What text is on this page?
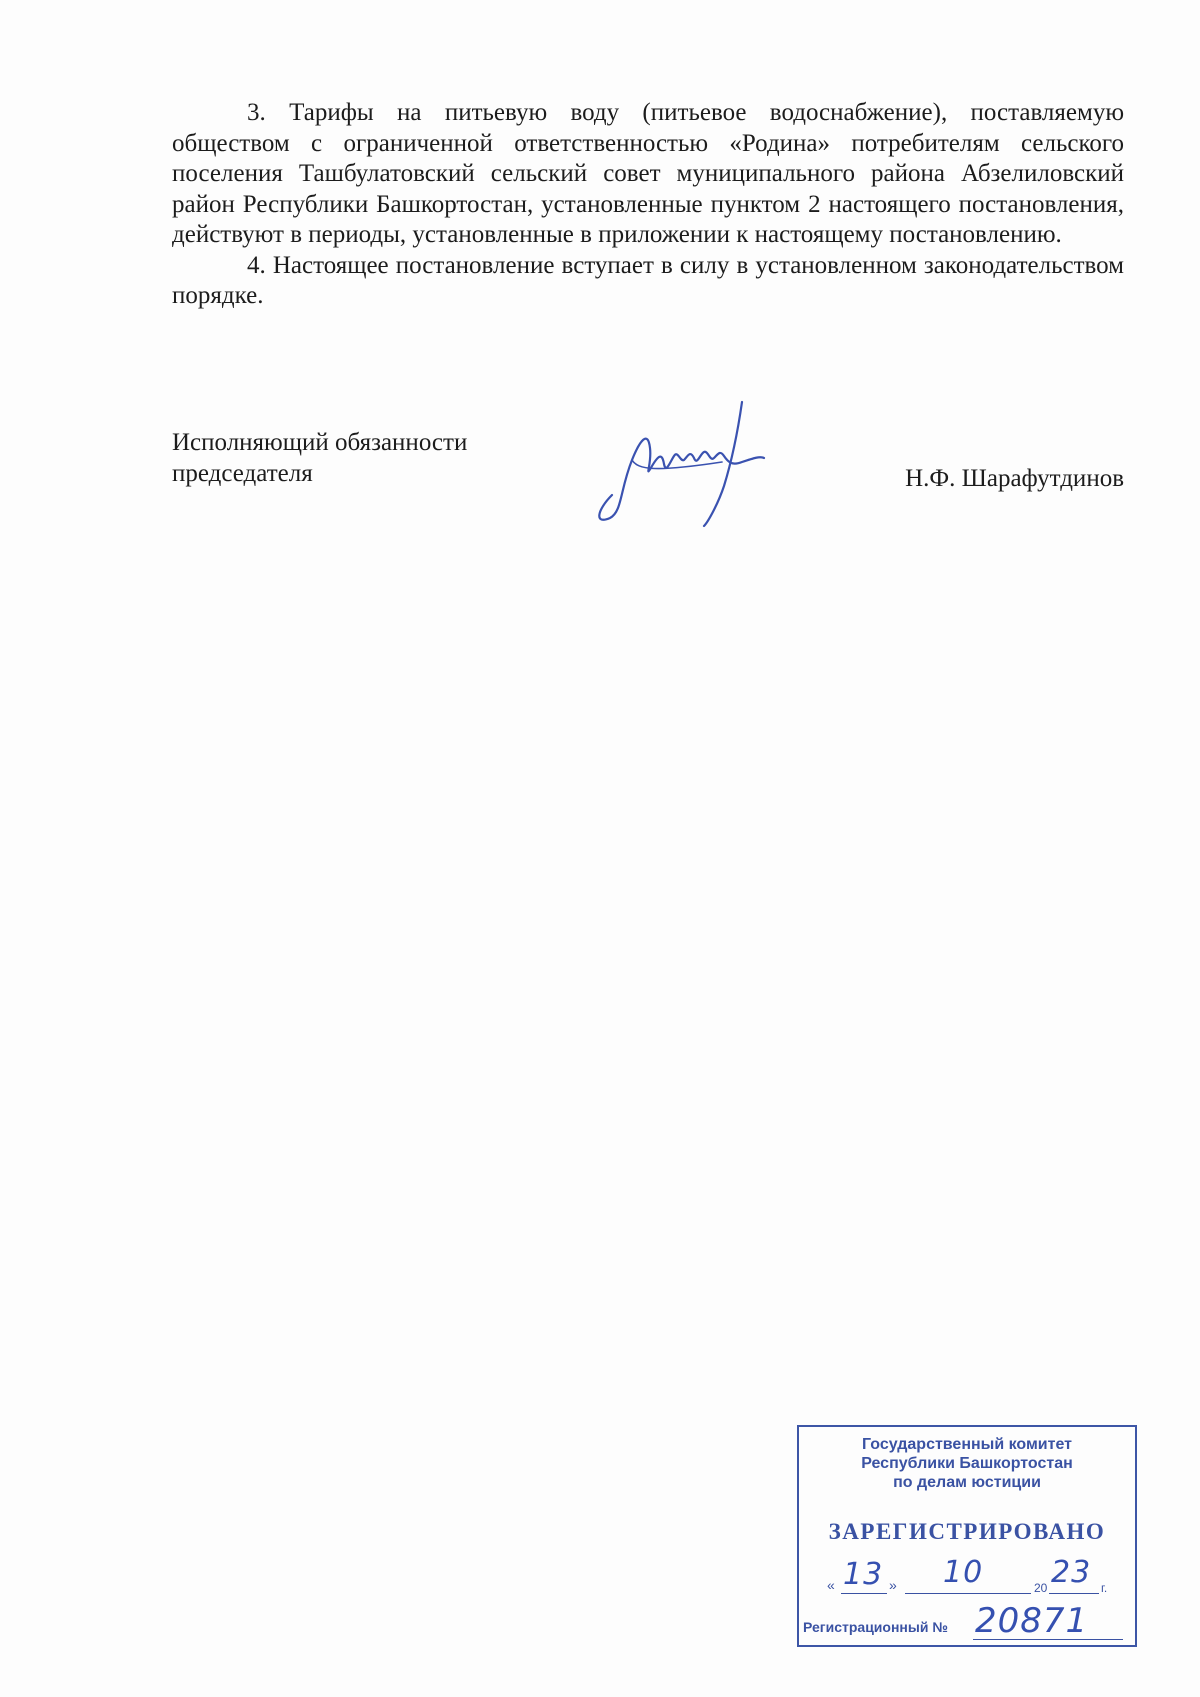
3. Тарифы на питьевую воду (питьевое водоснабжение), поставляемую обществом с ограниченной ответственностью «Родина» потребителям сельского поселения Ташбулатовский сельский совет муниципального района Абзелиловский район Республики Башкортостан, установленные пунктом 2 настоящего постановления, действуют в периоды, установленные в приложении к настоящему постановлению.

4. Настоящее постановление вступает в силу в установленном законодательством порядке.

Исполняющий обязанности
председателя	Н.Ф. Шарафутдинов
Государственный комитет
Республики Башкортостан
по делам юстиции
ЗАРЕГИСТРИРОВАНО
« 13 » 10	20 23 г.
Регистрационный № 20871
